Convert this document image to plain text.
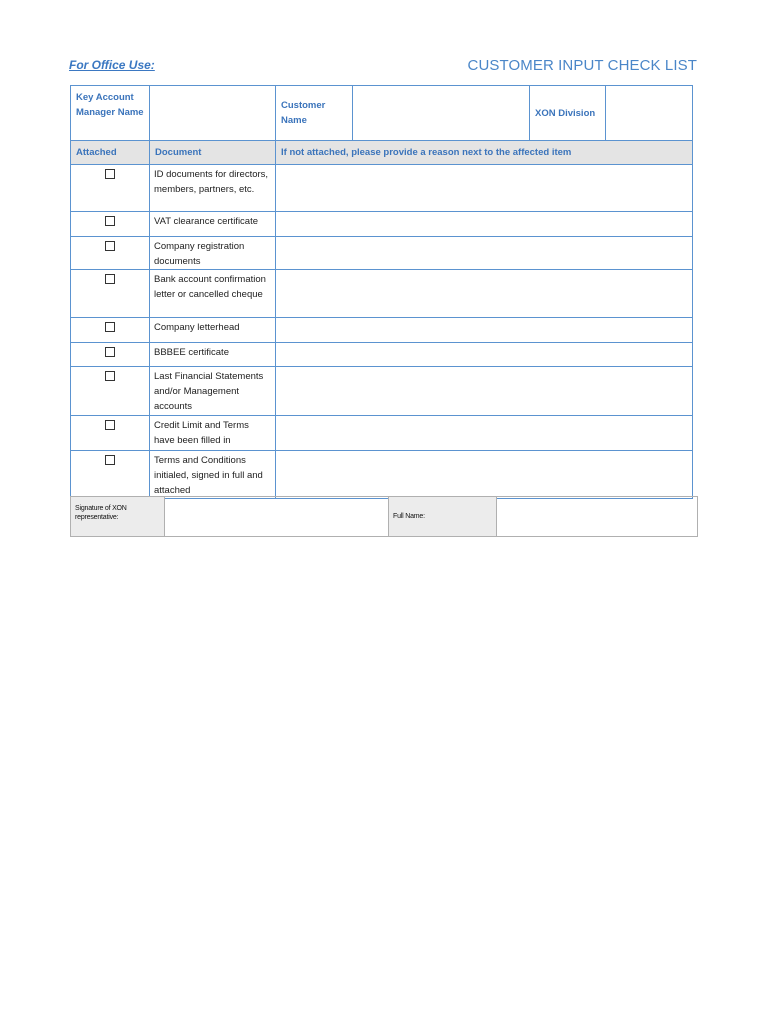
For Office Use:	CUSTOMER INPUT CHECK LIST
Key Account Manager Name		Customer Name		XON Division	
Attached	Document	If not attached, please provide a reason next to the affected item			
	ID documents for directors, members, partners, etc.				
	VAT clearance certificate				
	Company registration documents				
	Bank account confirmation letter or cancelled cheque				
	Company letterhead				
	BBBEE certificate				
	Last Financial Statements and/or Management accounts				
	Credit Limit and Terms have been filled in				
	Terms and Conditions initialed, signed in full and attached				
Signature of XON representative:		Full Name:	
